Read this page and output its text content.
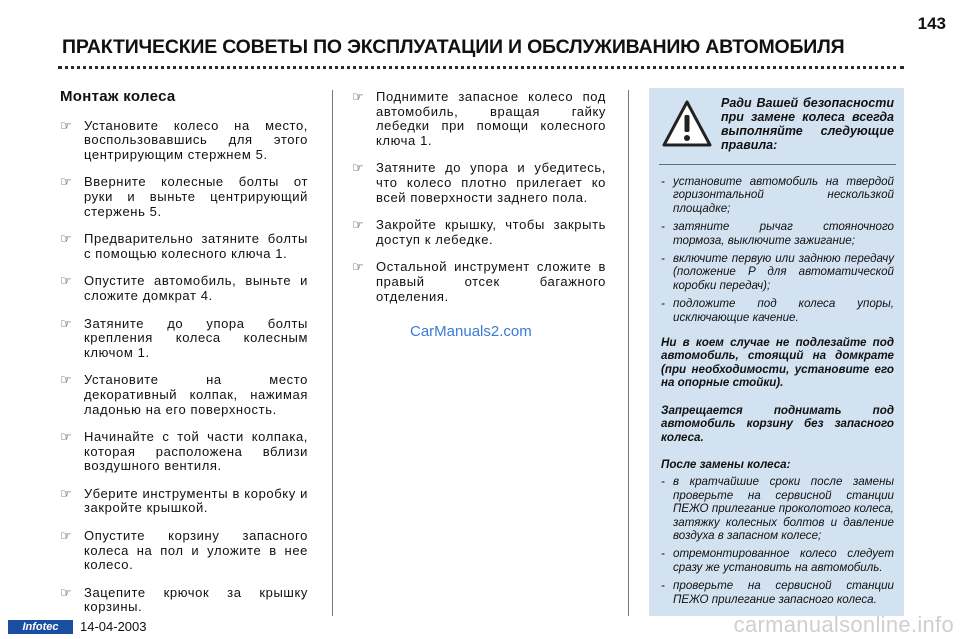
143
ПРАКТИЧЕСКИЕ СОВЕТЫ ПО ЭКСПЛУАТАЦИИ И ОБСЛУЖИВАНИЮ АВТОМОБИЛЯ
Монтаж колеса
☞ Установите колесо на место, воспользовавшись для этого центрирующим стержнем 5.
☞ Вверните колесные болты от руки и выньте центрирующий стержень 5.
☞ Предварительно затяните болты с помощью колесного ключа 1.
☞ Опустите автомобиль, выньте и сложите домкрат 4.
☞ Затяните до упора болты крепления колеса колесным ключом 1.
☞ Установите на место декоративный колпак, нажимая ладонью на его поверхность.
☞ Начинайте с той части колпака, которая расположена вблизи воздушного вентиля.
☞ Уберите инструменты в коробку и закройте крышкой.
☞ Опустите корзину запасного колеса на пол и уложите в нее колесо.
☞ Зацепите крючок за крышку корзины.
☞ Поднимите запасное колесо под автомобиль, вращая гайку лебедки при помощи колесного ключа 1.
☞ Затяните до упора и убедитесь, что колесо плотно прилегает ко всей поверхности заднего пола.
☞ Закройте крышку, чтобы закрыть доступ к лебедке.
☞ Остальной инструмент сложите в правый отсек багажного отделения.
Ради Вашей безопасности при замене колеса всегда выполняйте следующие правила:
- установите автомобиль на твердой горизонтальной нескользкой площадке;
- затяните рычаг стояночного тормоза, выключите зажигание;
- включите первую или заднюю передачу (положение P для автоматической коробки передач);
- подложите под колеса упоры, исключающие качение.
Ни в коем случае не подлезайте под автомобиль, стоящий на домкрате (при необходимости, установите его на опорные стойки).
Запрещается поднимать под автомобиль корзину без запасного колеса.
После замены колеса:
- в кратчайшие сроки после замены проверьте на сервисной станции ПЕЖО прилегание проколотого колеса, затяжку колесных болтов и давление воздуха в запасном колесе;
- отремонтированное колесо следует сразу же установить на автомобиль.
- проверьте на сервисной станции ПЕЖО прилегание запасного колеса.
CarManuals2.com
Infotec	14-04-2003	carmanualsonline.info
